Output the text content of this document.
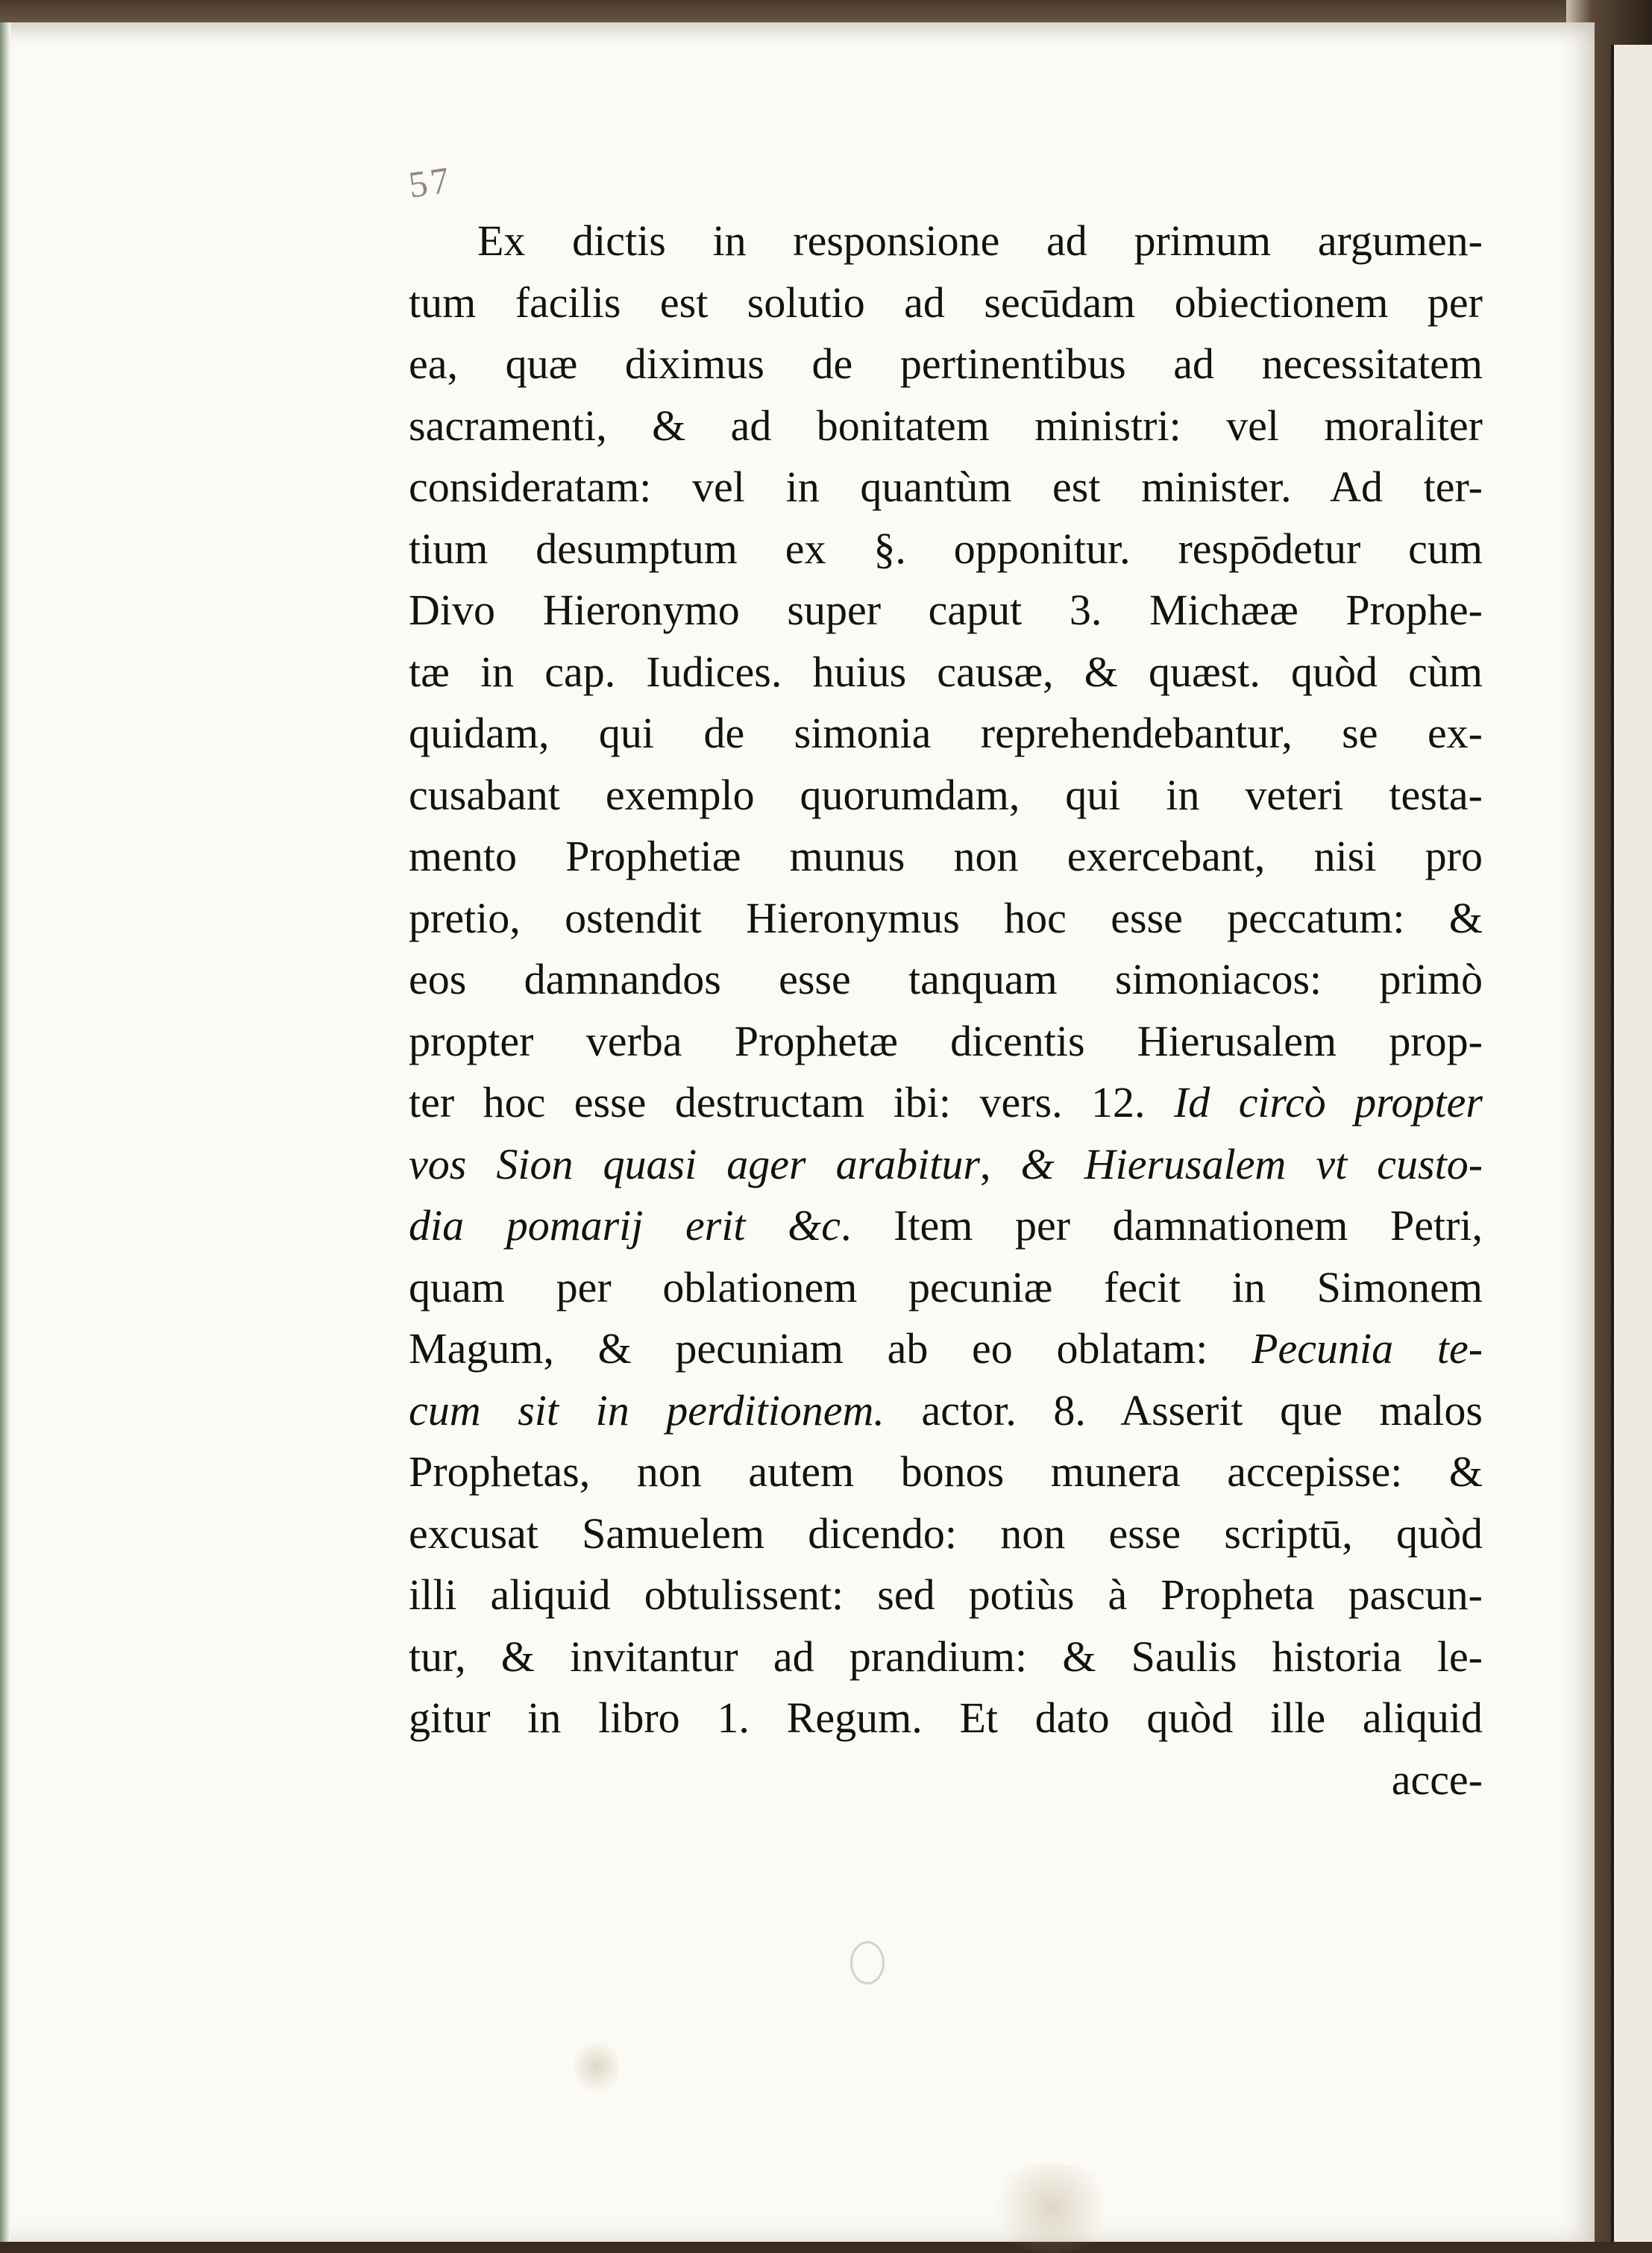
57
Ex dictis in responsione ad primum argumen-
tum facilis est solutio ad secūdam obiectionem per
ea, quæ diximus de pertinentibus ad necessitatem
sacramenti, & ad bonitatem ministri: vel moraliter
consideratam: vel in quantùm est minister. Ad ter-
tium desumptum ex §. opponitur. respōdetur cum
Divo Hieronymo super caput 3. Michææ Prophe-
tæ in cap. Iudices. huius causæ, & quæst. quòd cùm
quidam, qui de simonia reprehendebantur, se ex-
cusabant exemplo quorumdam, qui in veteri testa-
mento Prophetiæ munus non exercebant, nisi pro
pretio, ostendit Hieronymus hoc esse peccatum: &
eos damnandos esse tanquam simoniacos: primò
propter verba Prophetæ dicentis Hierusalem prop-
ter hoc esse destructam ibi: vers. 12. Id circò propter
vos Sion quasi ager arabitur, & Hierusalem vt custo-
dia pomarij erit &c. Item per damnationem Petri,
quam per oblationem pecuniæ fecit in Simonem
Magum, & pecuniam ab eo oblatam: Pecunia te-
cum sit in perditionem. actor. 8. Asserit que malos
Prophetas, non autem bonos munera accepisse: &
excusat Samuelem dicendo: non esse scriptū, quòd
illi aliquid obtulissent: sed potiùs à Propheta pascun-
tur, & invitantur ad prandium: & Saulis historia le-
gitur in libro 1. Regum. Et dato quòd ille aliquid
acce-
